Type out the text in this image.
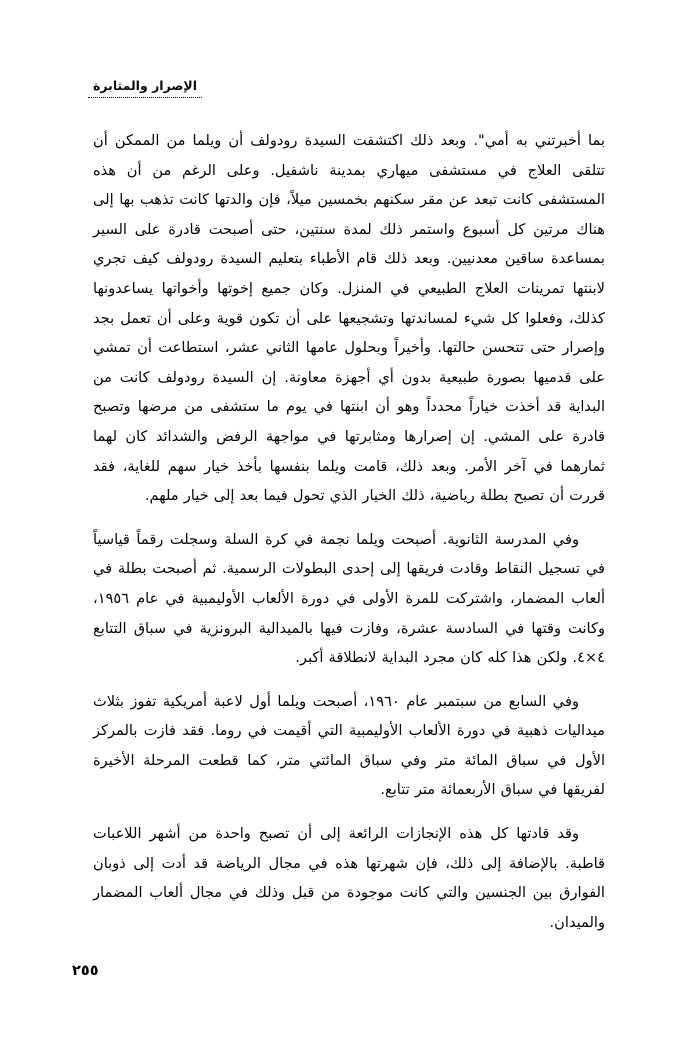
الإصرار والمثابرة

بما أخبرتني به أمي". وبعد ذلك اكتشفت السيدة رودولف أن ويلما من الممكن أن تتلقى العلاج في مستشفى ميهاري بمدينة ناشفيل. وعلى الرغم من أن هذه المستشفى كانت تبعد عن مقر سكنهم بخمسين ميلاً، فإن والدتها كانت تذهب بها إلى هناك مرتين كل أسبوع واستمر ذلك لمدة سنتين، حتى أصبحت قادرة على السير بمساعدة ساقين معدنيين. وبعد ذلك قام الأطباء بتعليم السيدة رودولف كيف تجري لابنتها تمرينات العلاج الطبيعي في المنزل. وكان جميع إخوتها وأخواتها يساعدونها كذلك، وفعلوا كل شيء لمساندتها وتشجيعها على أن تكون قوية وعلى أن تعمل بجد وإصرار حتى تتحسن حالتها. وأخيراً وبحلول عامها الثاني عشر، استطاعت أن تمشي على قدميها بصورة طبيعية بدون أي أجهزة معاونة. إن السيدة رودولف كانت من البداية قد أخذت خياراً محدداً وهو أن ابنتها في يوم ما ستشفى من مرضها وتصبح قادرة على المشي. إن إصرارها ومثابرتها في مواجهة الرفض والشدائد كان لهما ثمارهما في آخر الأمر. وبعد ذلك، قامت ويلما بنفسها بأخذ خيار سهم للغاية، فقد قررت أن تصبح بطلة رياضية، ذلك الخيار الذي تحول فيما بعد إلى خيار ملهم.

وفي المدرسة الثانوية. أصبحت ويلما نجمة في كرة السلة وسجلت رقماً قياسياً في تسجيل النقاط وقادت فريقها إلى إحدى البطولات الرسمية. ثم أصبحت بطلة في ألعاب المضمار، واشتركت للمرة الأولى في دورة الألعاب الأوليمبية في عام ١٩٥٦، وكانت وقتها في السادسة عشرة، وفازت فيها بالميدالية البرونزية في سباق التتابع ٤×٤. ولكن هذا كله كان مجرد البداية لانطلاقة أكبر.

وفي السابع من سبتمبر عام ١٩٦٠، أصبحت ويلما أول لاعبة أمريكية تفوز بثلاث ميداليات ذهبية في دورة الألعاب الأوليمبية التي أقيمت في روما. فقد فازت بالمركز الأول في سباق المائة متر وفي سباق المائتي متر، كما قطعت المرحلة الأخيرة لفريقها في سباق الأربعمائة متر تتابع.

وقد قادتها كل هذه الإنجازات الرائعة إلى أن تصبح واحدة من أشهر اللاعبات قاطبة. بالإضافة إلى ذلك، فإن شهرتها هذه في مجال الرياضة قد أدت إلى ذوبان الفوارق بين الجنسين والتي كانت موجودة من قبل وذلك في مجال ألعاب المضمار والميدان.

٢٥٥
